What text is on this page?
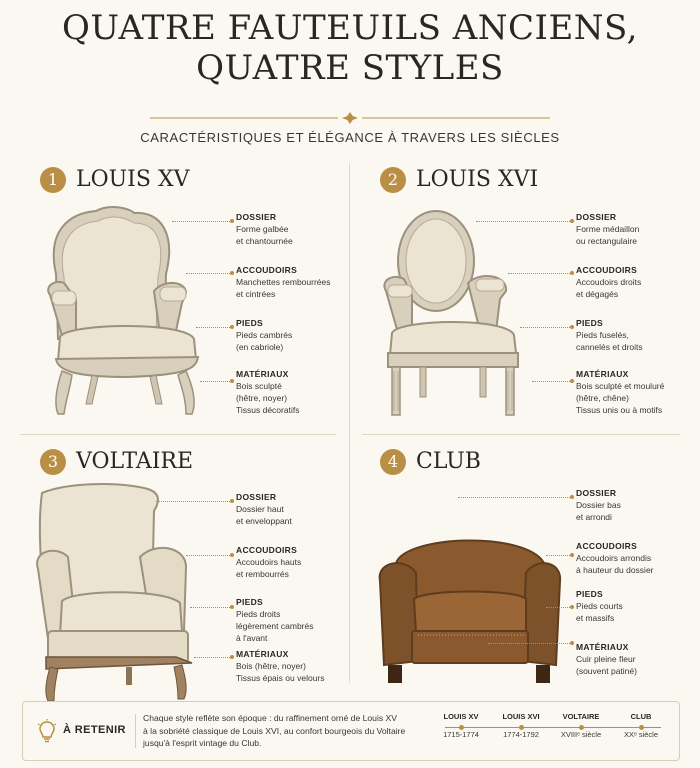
QUATRE FAUTEUILS ANCIENS,
QUATRE STYLES
CARACTÉRISTIQUES ET ÉLÉGANCE À TRAVERS LES SIÈCLES
1 LOUIS XV
DOSSIER
Forme galbée
et chantournée
ACCOUDOIRS
Manchettes rembourrées
et cintrées
PIEDS
Pieds cambrés
(en cabriole)
MATÉRIAUX
Bois sculpté
(hêtre, noyer)
Tissus décoratifs
2 LOUIS XVI
DOSSIER
Forme médaillon
ou rectangulaire
ACCOUDOIRS
Accoudoirs droits
et dégagés
PIEDS
Pieds fuselés,
cannelés et droits
MATÉRIAUX
Bois sculpté et mouluré
(hêtre, chêne)
Tissus unis ou à motifs
3 VOLTAIRE
DOSSIER
Dossier haut
et enveloppant
ACCOUDOIRS
Accoudoirs hauts
et rembourrés
PIEDS
Pieds droits
légèrement cambrés
à l'avant
MATÉRIAUX
Bois (hêtre, noyer)
Tissus épais ou velours
4 CLUB
DOSSIER
Dossier bas
et arrondi
ACCOUDOIRS
Accoudoirs arrondis
à hauteur du dossier
PIEDS
Pieds courts
et massifs
MATÉRIAUX
Cuir pleine fleur
(souvent patiné)
À RETENIR
Chaque style reflète son époque : du raffinement orné de Louis XV
à la sobriété classique de Louis XVI, au confort bourgeois du Voltaire
jusqu'à l'esprit vintage du Club.
LOUIS XV
1715-1774
LOUIS XVI
1774-1792
VOLTAIRE
XVIIIᵉ siècle
CLUB
XXᵉ siècle
